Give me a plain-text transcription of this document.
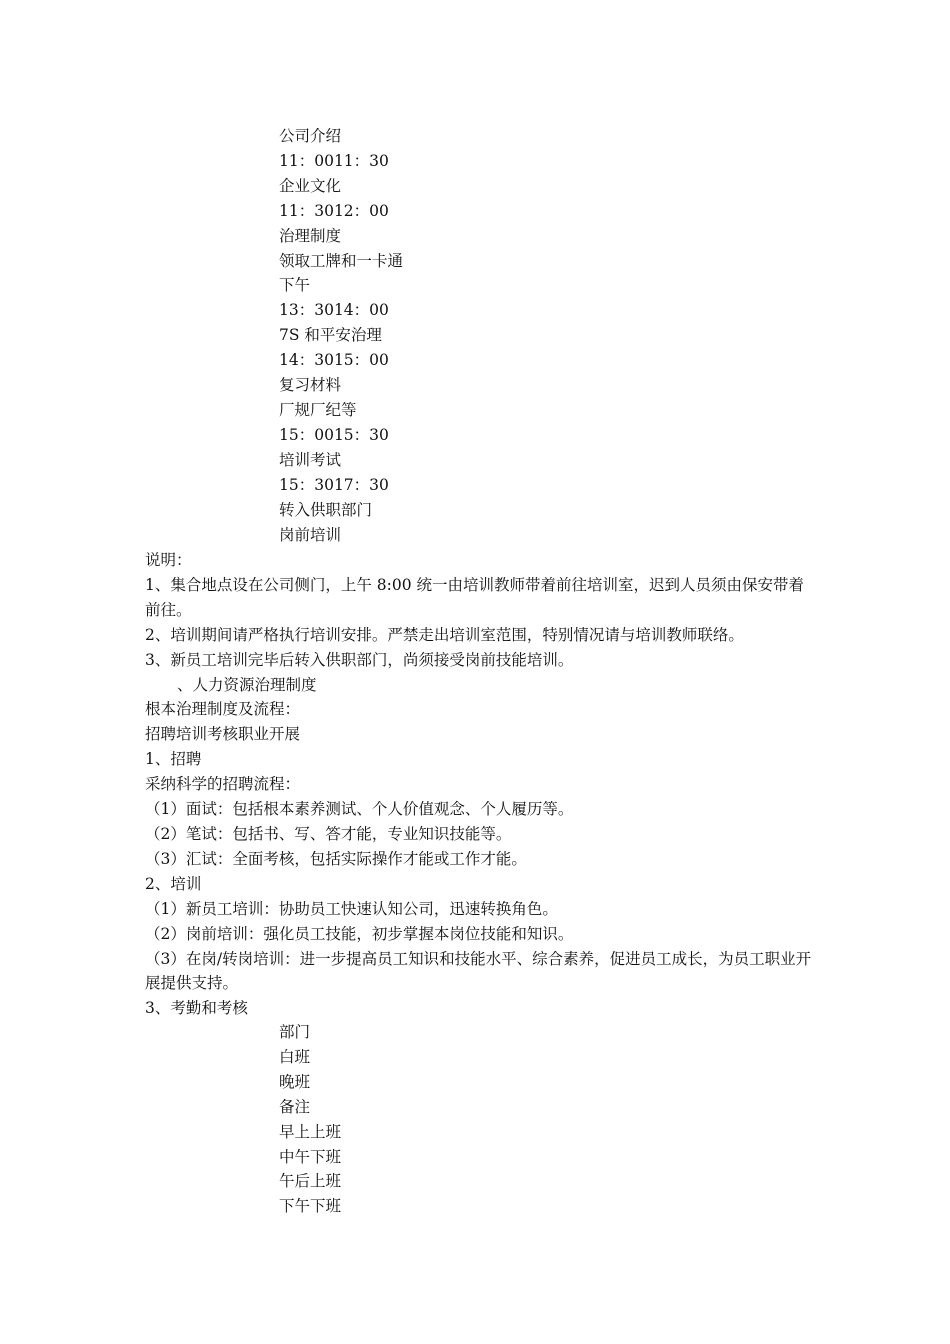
公司介绍
11：0011：30
企业文化
11：3012：00
治理制度
领取工牌和一卡通
下午
13：3014：00
7S 和平安治理
14：3015：00
复习材料
厂规厂纪等
15：0015：30
培训考试
15：3017：30
转入供职部门
岗前培训
说明：
1、集合地点设在公司侧门，上午 8:00 统一由培训教师带着前往培训室，迟到人员须由保安带着前往。
2、培训期间请严格执行培训安排。严禁走出培训室范围，特别情况请与培训教师联络。
3、新员工培训完毕后转入供职部门，尚须接受岗前技能培训。
、人力资源治理制度
根本治理制度及流程：
招聘培训考核职业开展
1、招聘
采纳科学的招聘流程：
（1）面试：包括根本素养测试、个人价值观念、个人履历等。
（2）笔试：包括书、写、答才能，专业知识技能等。
（3）汇试：全面考核，包括实际操作才能或工作才能。
2、培训
（1）新员工培训：协助员工快速认知公司，迅速转换角色。
（2）岗前培训：强化员工技能，初步掌握本岗位技能和知识。
（3）在岗/转岗培训：进一步提高员工知识和技能水平、综合素养，促进员工成长，为员工职业开展提供支持。
3、考勤和考核
部门
白班
晚班
备注
早上上班
中午下班
午后上班
下午下班
